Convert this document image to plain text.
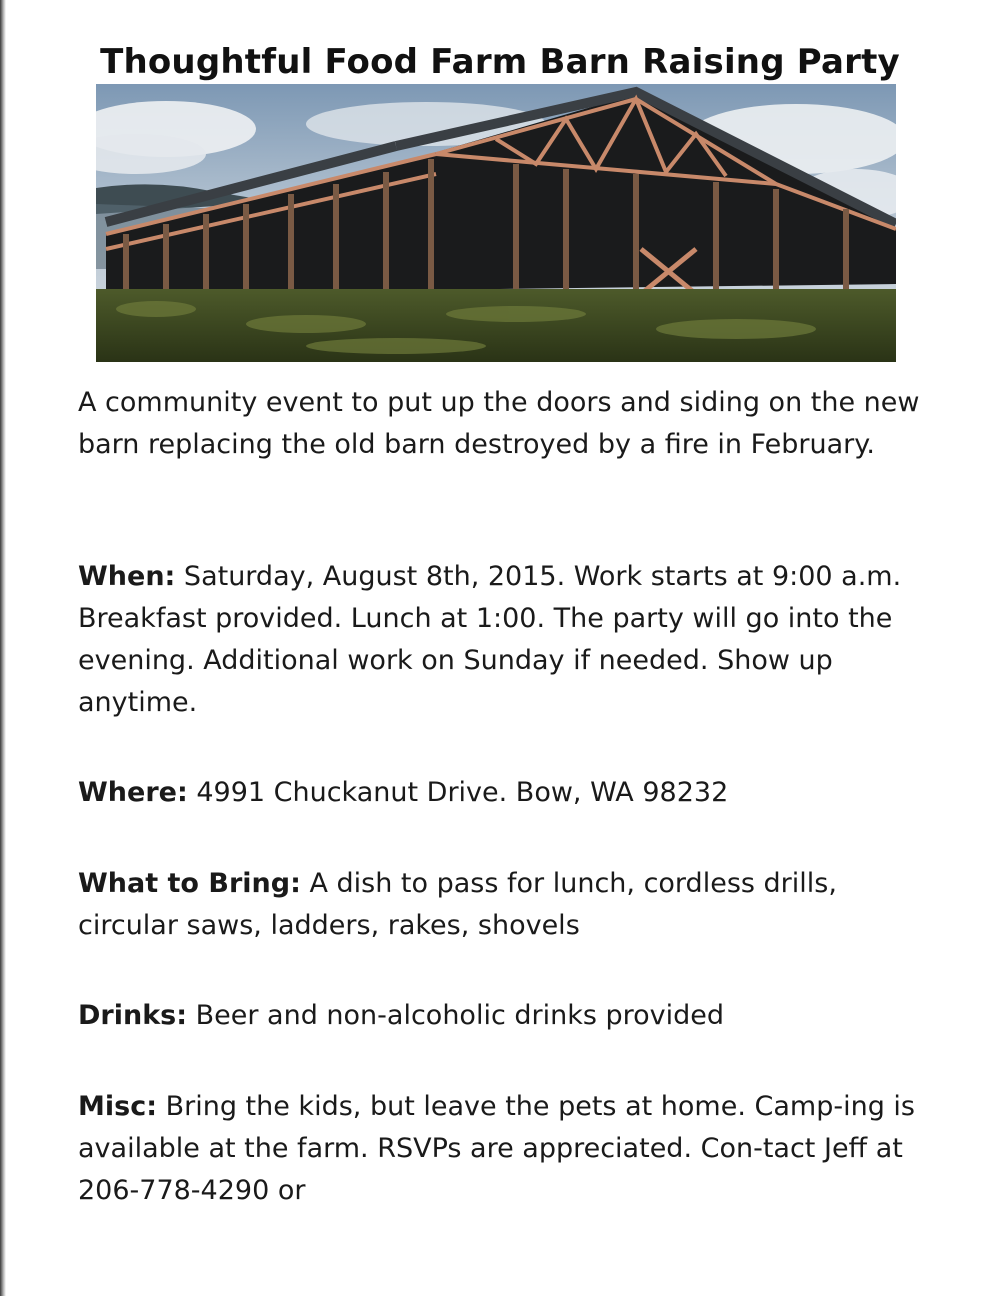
Thoughtful Food Farm Barn Raising Party

A community event to put up the doors and siding on the new barn replacing the old barn destroyed by a fire in February.

When: Saturday, August 8th, 2015. Work starts at 9:00 a.m. Breakfast provided. Lunch at 1:00. The party will go into the evening. Additional work on Sunday if needed. Show up anytime.

Where: 4991 Chuckanut Drive. Bow, WA 98232

What to Bring: A dish to pass for lunch, cordless drills, circular saws, ladders, rakes, shovels

Drinks: Beer and non-alcoholic drinks provided

Misc: Bring the kids, but leave the pets at home. Camp-ing is available at the farm. RSVPs are appreciated. Con-tact Jeff at 206-778-4290 or
